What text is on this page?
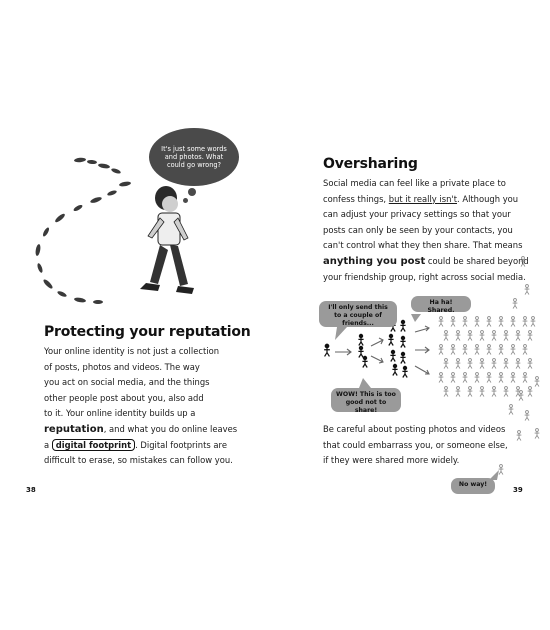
It's just some words and photos. What could go wrong?
Protecting your reputation

Your online identity is not just a collection

of posts, photos and videos. The way

you act on social media, and the things

other people post about you, also add

to it. Your online identity builds up a

reputation, and what you do online leaves

a digital footprint . Digital footprints are

difficult to erase, so mistakes can follow you.

38
Oversharing

Social media can feel like a private place to

confess things, but it really isn't. Although you

can adjust your privacy settings so that your

posts can only be seen by your contacts, you

can't control what they then share. That means

anything you post could be shared beyond

your friendship group, right across social media.

I'll only send this to a couple of friends...
Ha ha! Shared.
WOW! This is too good not to share!

Be careful about posting photos and videos

that could embarrass you, or someone else,

if they were shared more widely.

No way!
39
